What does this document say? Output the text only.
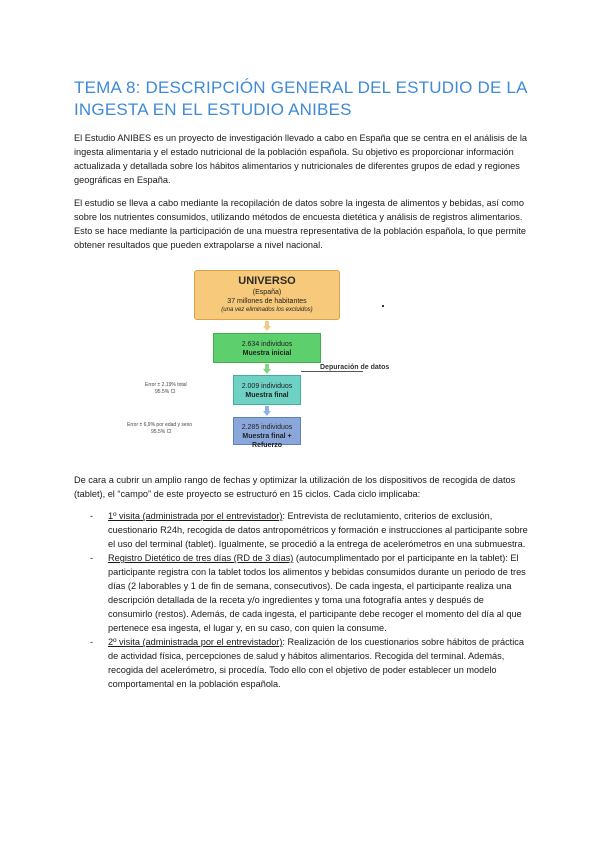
TEMA 8: DESCRIPCIÓN GENERAL DEL ESTUDIO DE LA INGESTA EN EL ESTUDIO ANIBES

El Estudio ANIBES es un proyecto de investigación llevado a cabo en España que se centra en el análisis de la ingesta alimentaria y el estado nutricional de la población española. Su objetivo es proporcionar información actualizada y detallada sobre los hábitos alimentarios y nutricionales de diferentes grupos de edad y regiones geográficas en España.

El estudio se lleva a cabo mediante la recopilación de datos sobre la ingesta de alimentos y bebidas, así como sobre los nutrientes consumidos, utilizando métodos de encuesta dietética y análisis de registros alimentarios. Esto se hace mediante la participación de una muestra representativa de la población española, lo que permite obtener resultados que pueden extrapolarse a nivel nacional.

UNIVERSO
(España)
37 millones de habitantes
(una vez eliminados los excluidos)
2.634 individuos
Muestra inicial
Depuración de datos
Error ± 2,19% total
95.5% CI
2.009 individuos
Muestra final
Error ± 6,9% por edad y sexo
95.5% CI
2.285 individuos
Muestra final + Refuerzo

De cara a cubrir un amplio rango de fechas y optimizar la utilización de los dispositivos de recogida de datos (tablet), el “campo” de este proyecto se estructuró en 15 ciclos. Cada ciclo implicaba:

- 1º visita (administrada por el entrevistador): Entrevista de reclutamiento, criterios de exclusión, cuestionario R24h, recogida de datos antropométricos y formación e instrucciones al participante sobre el uso del terminal (tablet). Igualmente, se procedió a la entrega de acelerómetros en una submuestra.
- Registro Dietético de tres días (RD de 3 días) (autocumplimentado por el participante en la tablet): El participante registra con la tablet todos los alimentos y bebidas consumidos durante un periodo de tres días (2 laborables y 1 de fin de semana, consecutivos). De cada ingesta, el participante realiza una descripción detallada de la receta y/o ingredientes y toma una fotografía antes y después de consumirlo (restos). Además, de cada ingesta, el participante debe recoger el momento del día al que pertenece esa ingesta, el lugar y, en su caso, con quien la consume.
- 2º visita (administrada por el entrevistador): Realización de los cuestionarios sobre hábitos de práctica de actividad física, percepciones de salud y hábitos alimentarios. Recogida del terminal. Además, recogida del acelerómetro, si procedía. Todo ello con el objetivo de poder establecer un modelo comportamental en la población española.
